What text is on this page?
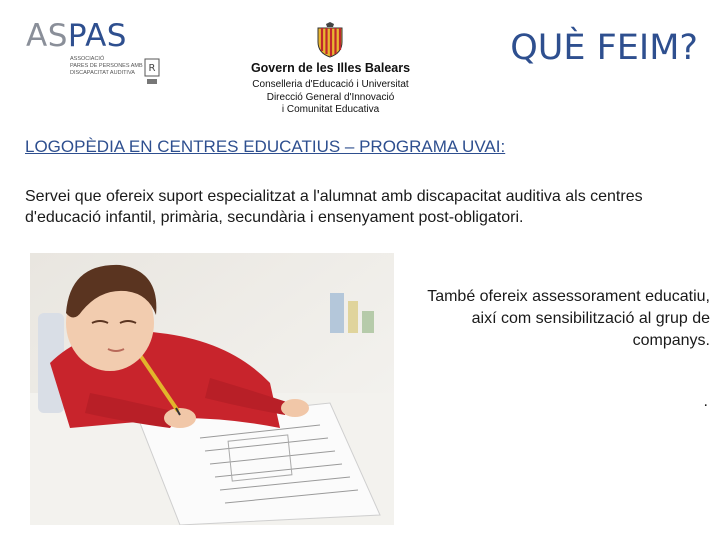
ASPAS
ASSOCIACIÓ
PARES DE PERSONES AMB
DISCAPACITAT AUDITIVA	R	Govern de les Illes Balears
Conselleria d'Educació i Universitat
Direcció General d'Innovació
i Comunitat Educativa
QUÈ FEIM?
LOGOPÈDIA EN CENTRES EDUCATIUS – PROGRAMA UVAI:
Servei que ofereix suport especialitzat a l'alumnat amb discapacitat auditiva als centres d'educació infantil, primària, secundària i ensenyament post-obligatori.
També ofereix assessorament educatiu, així com sensibilització al grup de companys.
.
